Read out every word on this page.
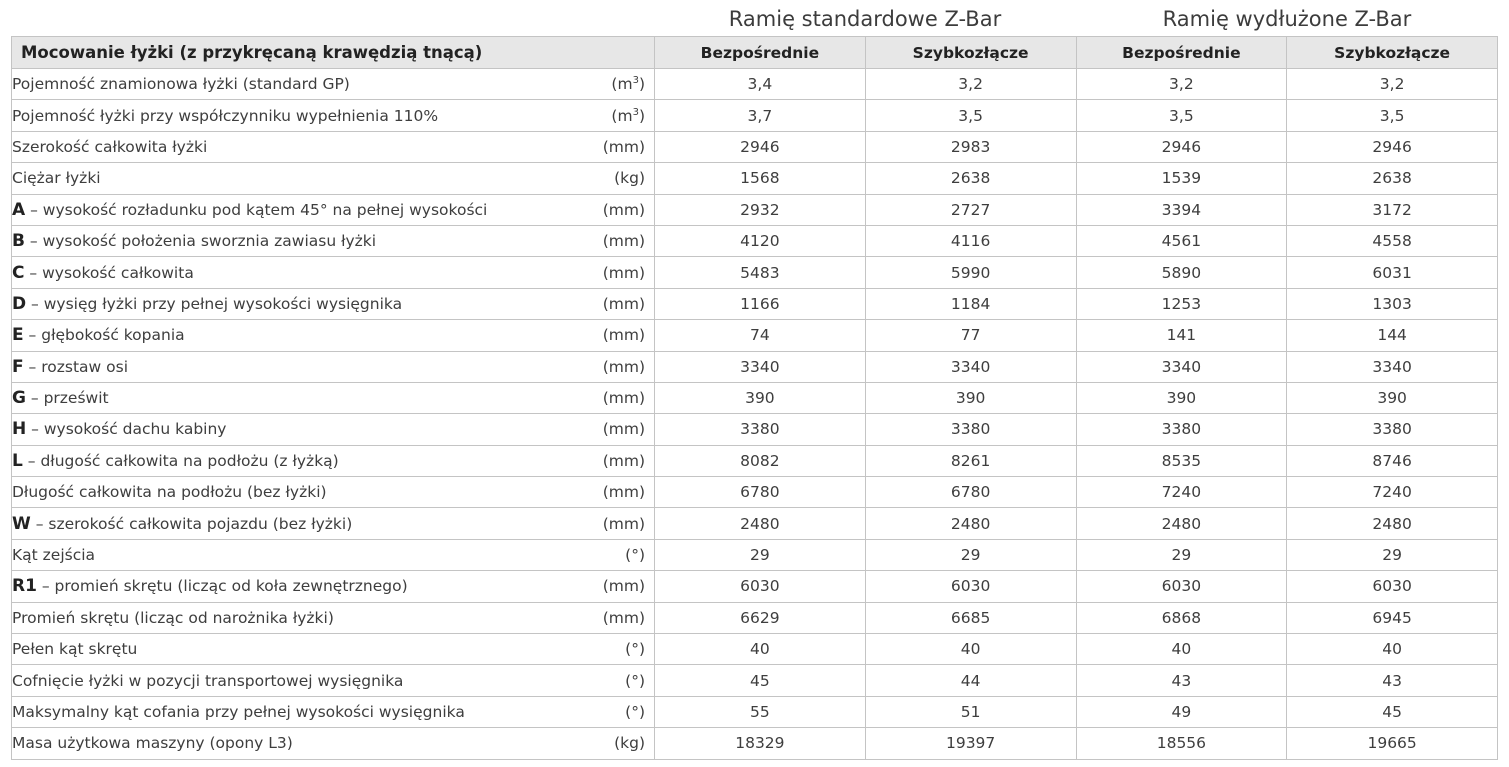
Ramię standardowe Z-Bar	Ramię wydłużone Z-Bar
Mocowanie łyżki (z przykręcaną krawędzią tnącą)	Bezpośrednie	Szybkozłącze	Bezpośrednie	Szybkozłącze

Pojemność znamionowa łyżki (standard GP) $(m^3)$	3,4	3,2	3,2	3,2

Pojemność łyżki przy współczynniku wypełnienia 110% $(m^3)$	3,7	3,5	3,5	3,5

Szerokość całkowita łyżki (mm)	2946	2983	2946	2946

Ciężar łyżki (kg)	1568	2638	1539	2638

A – wysokość rozładunku pod kątem 45° na pełnej wysokości (mm)	2932	2727	3394	3172

B – wysokość położenia sworznia zawiasu łyżki (mm)	4120	4116	4561	4558

C – wysokość całkowita (mm)	5483	5990	5890	6031

D – wysięg łyżki przy pełnej wysokości wysięgnika (mm)	1166	1184	1253	1303

E – głębokość kopania (mm)	74	77	141	144

F – rozstaw osi (mm)	3340	3340	3340	3340

G – prześwit (mm)	390	390	390	390

H – wysokość dachu kabiny (mm)	3380	3380	3380	3380

L – długość całkowita na podłożu (z łyżką) (mm)	8082	8261	8535	8746

Długość całkowita na podłożu (bez łyżki) (mm)	6780	6780	7240	7240

W – szerokość całkowita pojazdu (bez łyżki) (mm)	2480	2480	2480	2480

Kąt zejścia (°)	29	29	29	29

R1 – promień skrętu (licząc od koła zewnętrznego) (mm)	6030	6030	6030	6030

Promień skrętu (licząc od narożnika łyżki) (mm)	6629	6685	6868	6945

Pełen kąt skrętu (°)	40	40	40	40

Cofnięcie łyżki w pozycji transportowej wysięgnika (°)	45	44	43	43

Maksymalny kąt cofania przy pełnej wysokości wysięgnika (°)	55	51	49	45

Masa użytkowa maszyny (opony L3) (kg)	18329	19397	18556	19665
